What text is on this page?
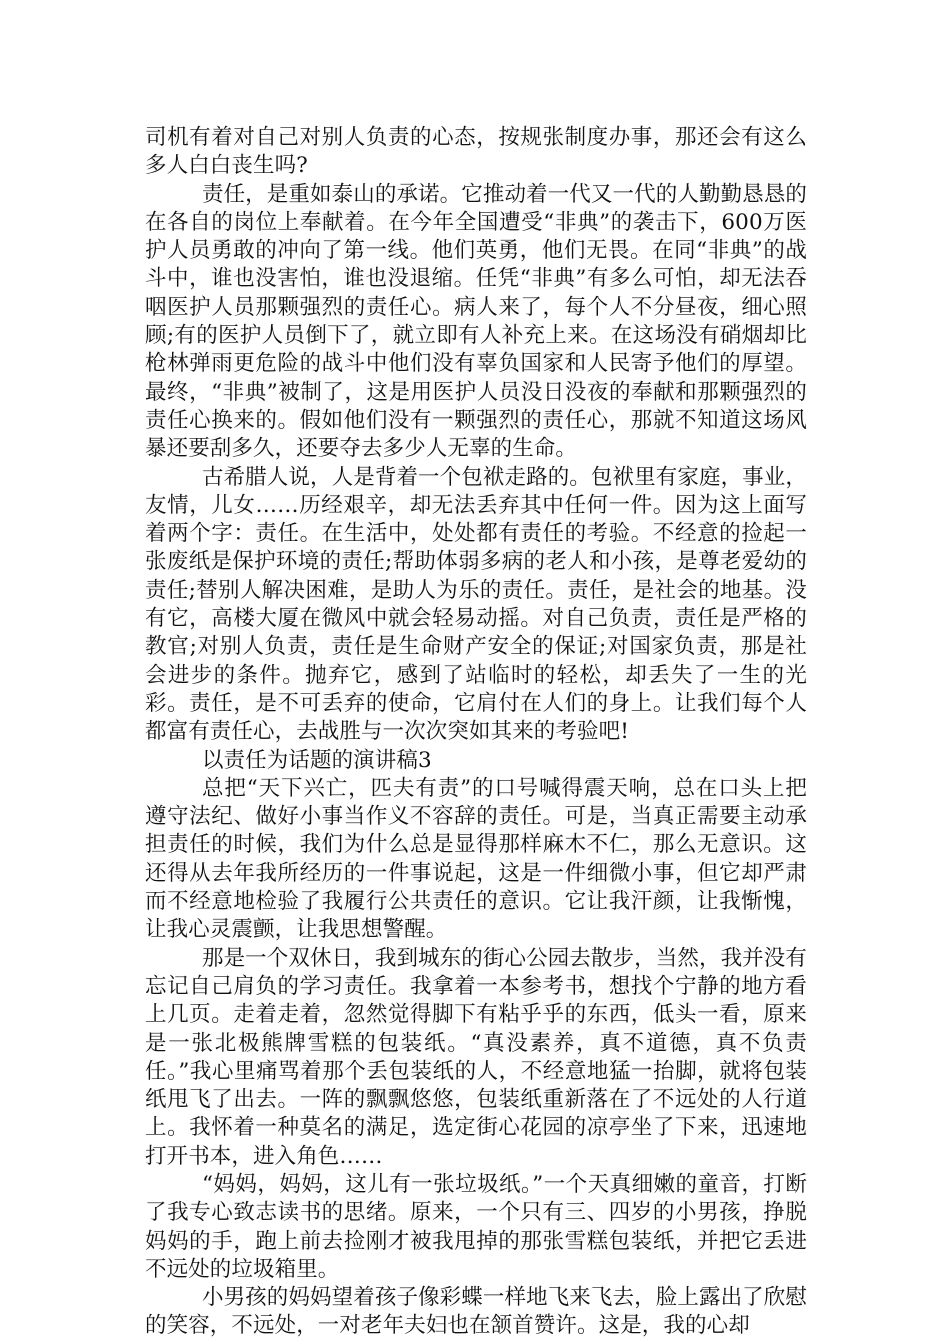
司机有着对自己对别人负责的心态，按规张制度办事，那还会有这么多人白白丧生吗?

责任，是重如泰山的承诺。它推动着一代又一代的人勤勤恳恳的在各自的岗位上奉献着。在今年全国遭受“非典”的袭击下，600万医护人员勇敢的冲向了第一线。他们英勇，他们无畏。在同“非典”的战斗中，谁也没害怕，谁也没退缩。任凭“非典”有多么可怕，却无法吞咽医护人员那颗强烈的责任心。病人来了，每个人不分昼夜，细心照顾;有的医护人员倒下了，就立即有人补充上来。在这场没有硝烟却比枪林弹雨更危险的战斗中他们没有辜负国家和人民寄予他们的厚望。最终，“非典”被制了，这是用医护人员没日没夜的奉献和那颗强烈的责任心换来的。假如他们没有一颗强烈的责任心，那就不知道这场风暴还要刮多久，还要夺去多少人无辜的生命。

古希腊人说，人是背着一个包袱走路的。包袱里有家庭，事业，友情，儿女……历经艰辛，却无法丢弃其中任何一件。因为这上面写着两个字：责任。在生活中，处处都有责任的考验。不经意的捡起一张废纸是保护环境的责任;帮助体弱多病的老人和小孩，是尊老爱幼的责任;替别人解决困难，是助人为乐的责任。责任，是社会的地基。没有它，高楼大厦在微风中就会轻易动摇。对自己负责，责任是严格的教官;对别人负责，责任是生命财产安全的保证;对国家负责，那是社会进步的条件。抛弃它，感到了站临时的轻松，却丢失了一生的光彩。责任，是不可丢弃的使命，它肩付在人们的身上。让我们每个人都富有责任心，去战胜与一次次突如其来的考验吧!

以责任为话题的演讲稿3

总把“天下兴亡，匹夫有责”的口号喊得震天响，总在口头上把遵守法纪、做好小事当作义不容辞的责任。可是，当真正需要主动承担责任的时候，我们为什么总是显得那样麻木不仁，那么无意识。这还得从去年我所经历的一件事说起，这是一件细微小事，但它却严肃而不经意地检验了我履行公共责任的意识。它让我汗颜，让我惭愧，让我心灵震颤，让我思想警醒。

那是一个双休日，我到城东的街心公园去散步，当然，我并没有忘记自己肩负的学习责任。我拿着一本参考书，想找个宁静的地方看上几页。走着走着，忽然觉得脚下有粘乎乎的东西，低头一看，原来是一张北极熊牌雪糕的包装纸。“真没素养，真不道德，真不负责任。”我心里痛骂着那个丢包装纸的人，不经意地猛一抬脚，就将包装纸甩飞了出去。一阵的飘飘悠悠，包装纸重新落在了不远处的人行道上。我怀着一种莫名的满足，选定街心花园的凉亭坐了下来，迅速地打开书本，进入角色……

“妈妈，妈妈，这儿有一张垃圾纸。”一个天真细嫩的童音，打断了我专心致志读书的思绪。原来，一个只有三、四岁的小男孩，挣脱妈妈的手，跑上前去捡刚才被我甩掉的那张雪糕包装纸，并把它丢进不远处的垃圾箱里。

小男孩的妈妈望着孩子像彩蝶一样地飞来飞去，脸上露出了欣慰的笑容，不远处，一对老年夫妇也在颔首赞许。这是，我的心却
